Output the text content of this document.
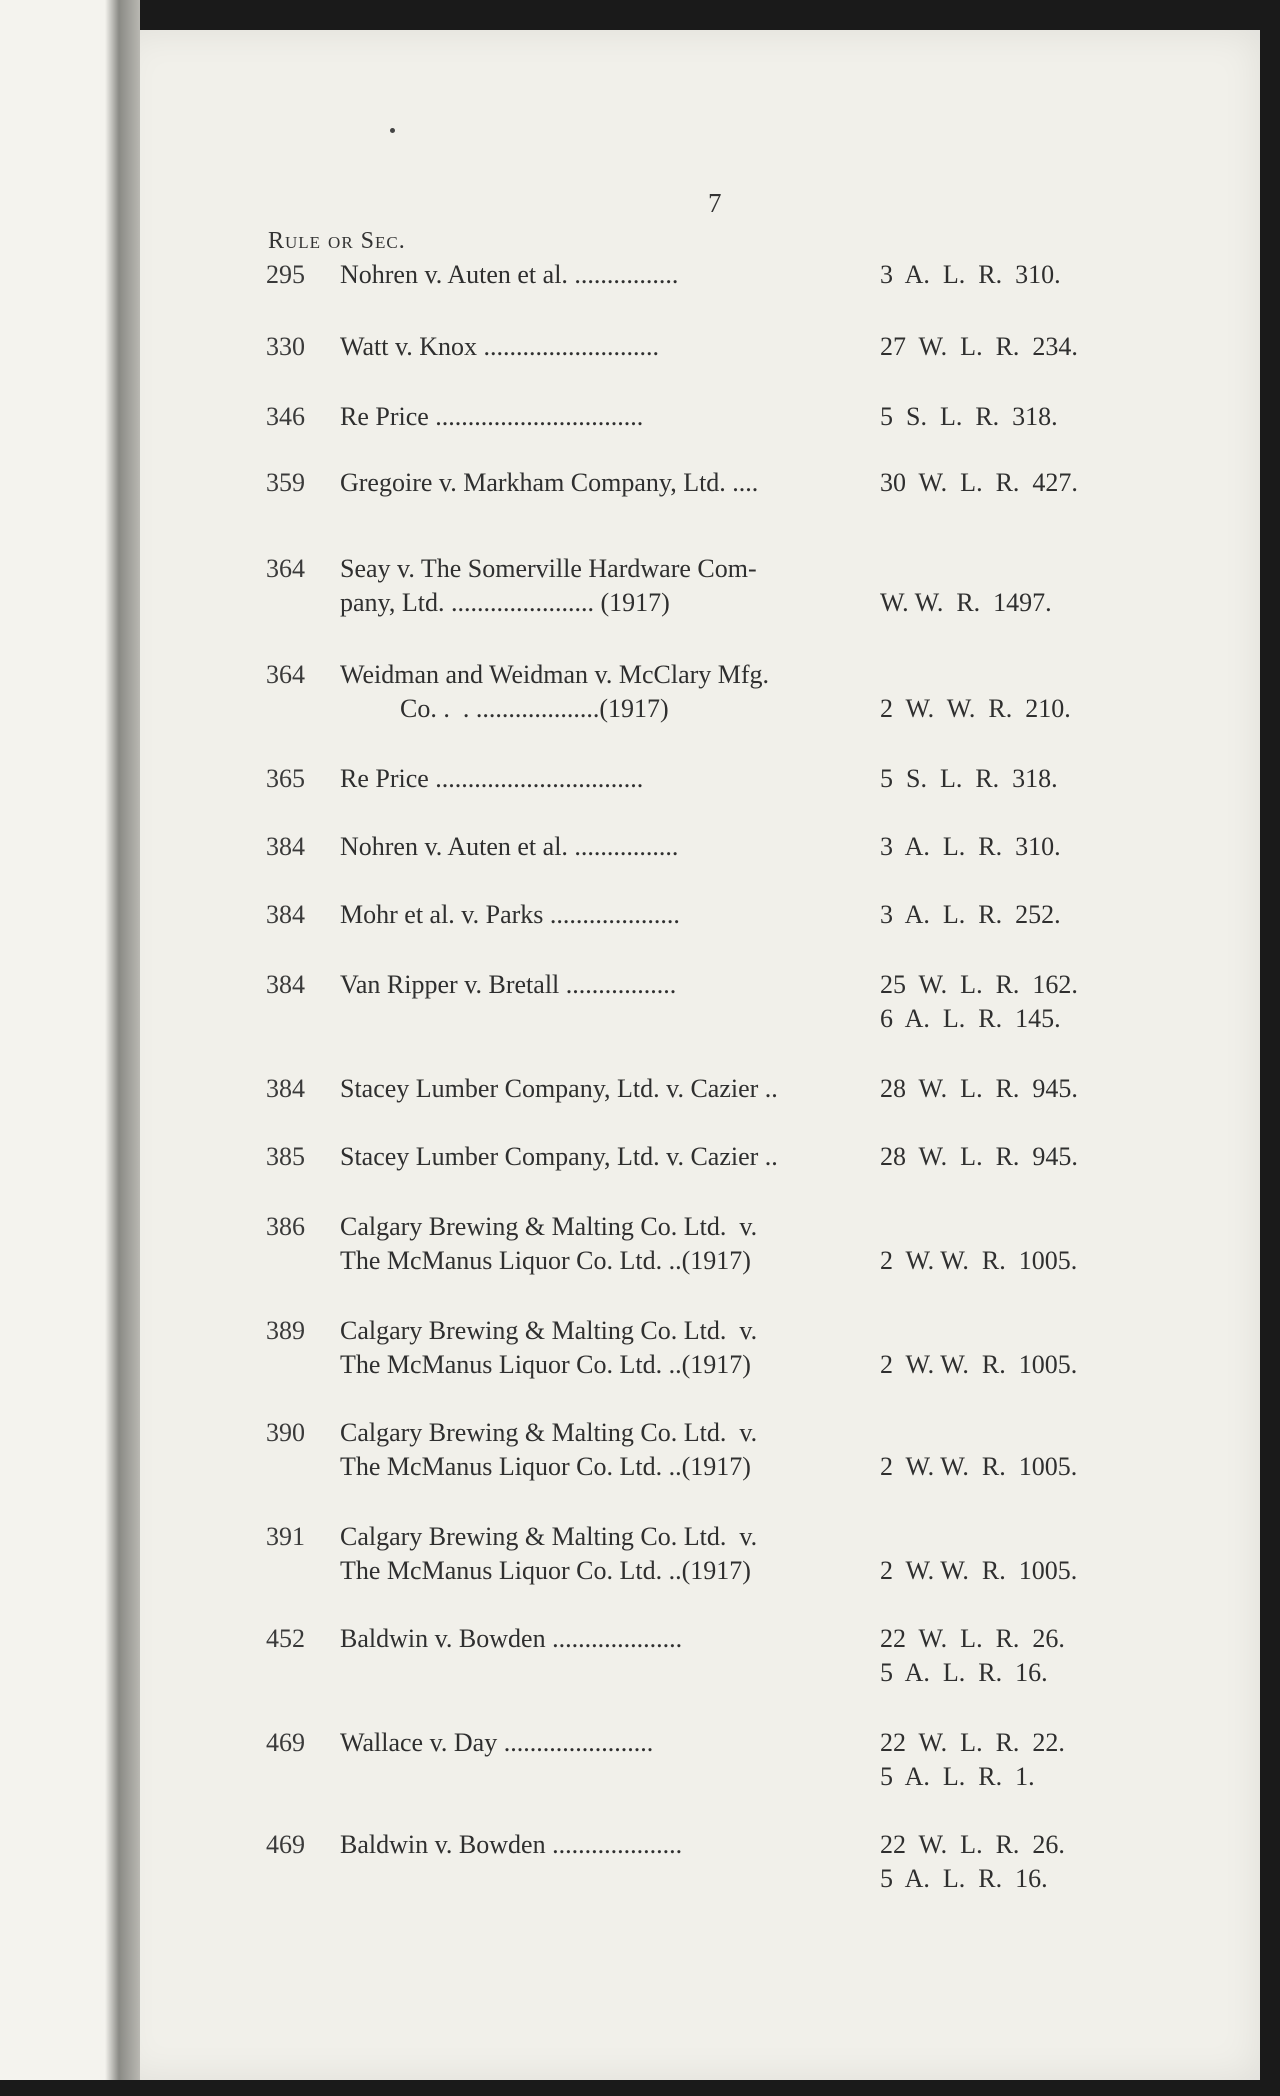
7
Rule or Sec.
295	Nohren v. Auten et al. ................	3  A.  L.  R.  310.
330	Watt v. Knox ...........................	27  W.  L.  R.  234.
346	Re Price ................................	5  S.  L.  R.  318.
359	Gregoire v. Markham Company, Ltd. ....	30  W.  L.  R.  427.
364	Seay v. The Somerville Hardware Com-
pany, Ltd. ...................... (1917)	W. W.  R.  1497.
364	Weidman and Weidman v. McClary Mfg.
Co. .  . ...................(1917)	2  W.  W.  R.  210.
365	Re Price ................................	5  S.  L.  R.  318.
384	Nohren v. Auten et al. ................	3  A.  L.  R.  310.
384	Mohr et al. v. Parks ....................	3  A.  L.  R.  252.
384	Van Ripper v. Bretall .................	25  W.  L.  R.  162.
6  A.  L.  R.  145.
384	Stacey Lumber Company, Ltd. v. Cazier ..	28  W.  L.  R.  945.
385	Stacey Lumber Company, Ltd. v. Cazier ..	28  W.  L.  R.  945.
386	Calgary Brewing & Malting Co. Ltd.  v.
The McManus Liquor Co. Ltd. ..(1917)	2  W. W.  R.  1005.
389	Calgary Brewing & Malting Co. Ltd.  v.
The McManus Liquor Co. Ltd. ..(1917)	2  W. W.  R.  1005.
390	Calgary Brewing & Malting Co. Ltd.  v.
The McManus Liquor Co. Ltd. ..(1917)	2  W. W.  R.  1005.
391	Calgary Brewing & Malting Co. Ltd.  v.
The McManus Liquor Co. Ltd. ..(1917)	2  W. W.  R.  1005.
452	Baldwin v. Bowden ....................	22  W.  L.  R.  26.
5  A.  L.  R.  16.
469	Wallace v. Day .......................	22  W.  L.  R.  22.
5  A.  L.  R.  1.
469	Baldwin v. Bowden ....................	22  W.  L.  R.  26.
5  A.  L.  R.  16.
